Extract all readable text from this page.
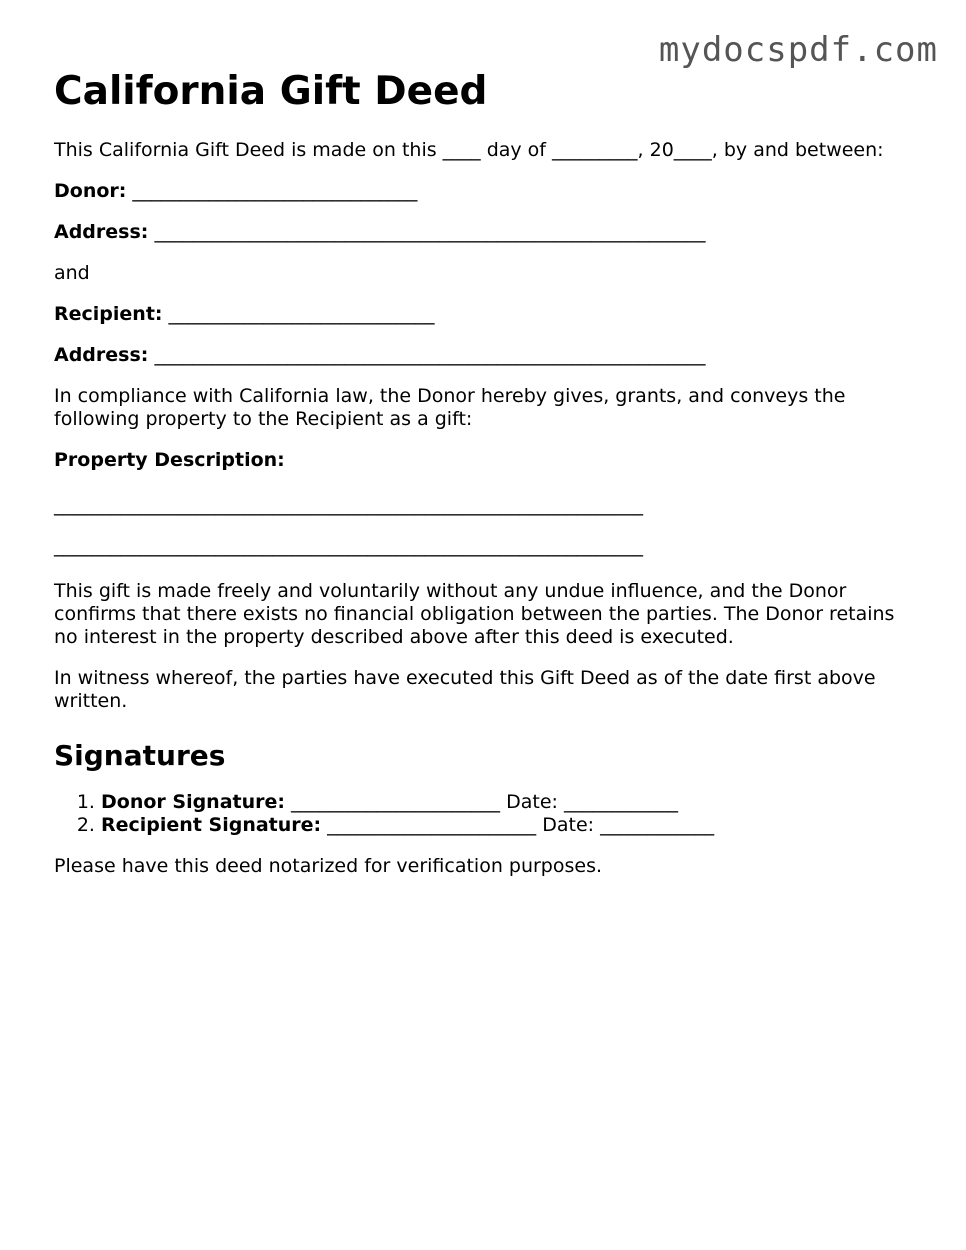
mydocspdf.com
California Gift Deed

This California Gift Deed is made on this ____ day of _________, 20____, by and between:

Donor: ______________________________

Address: __________________________________________________________

and

Recipient: ____________________________

Address: __________________________________________________________

In compliance with California law, the Donor hereby gives, grants, and conveys the following property to the Recipient as a gift:

Property Description:

______________________________________________________________
______________________________________________________________

This gift is made freely and voluntarily without any undue influence, and the Donor confirms that there exists no financial obligation between the parties. The Donor retains no interest in the property described above after this deed is executed.

In witness whereof, the parties have executed this Gift Deed as of the date first above written.

Signatures
1. Donor Signature: ______________________ Date: ____________
2. Recipient Signature: ______________________ Date: ____________

Please have this deed notarized for verification purposes.
